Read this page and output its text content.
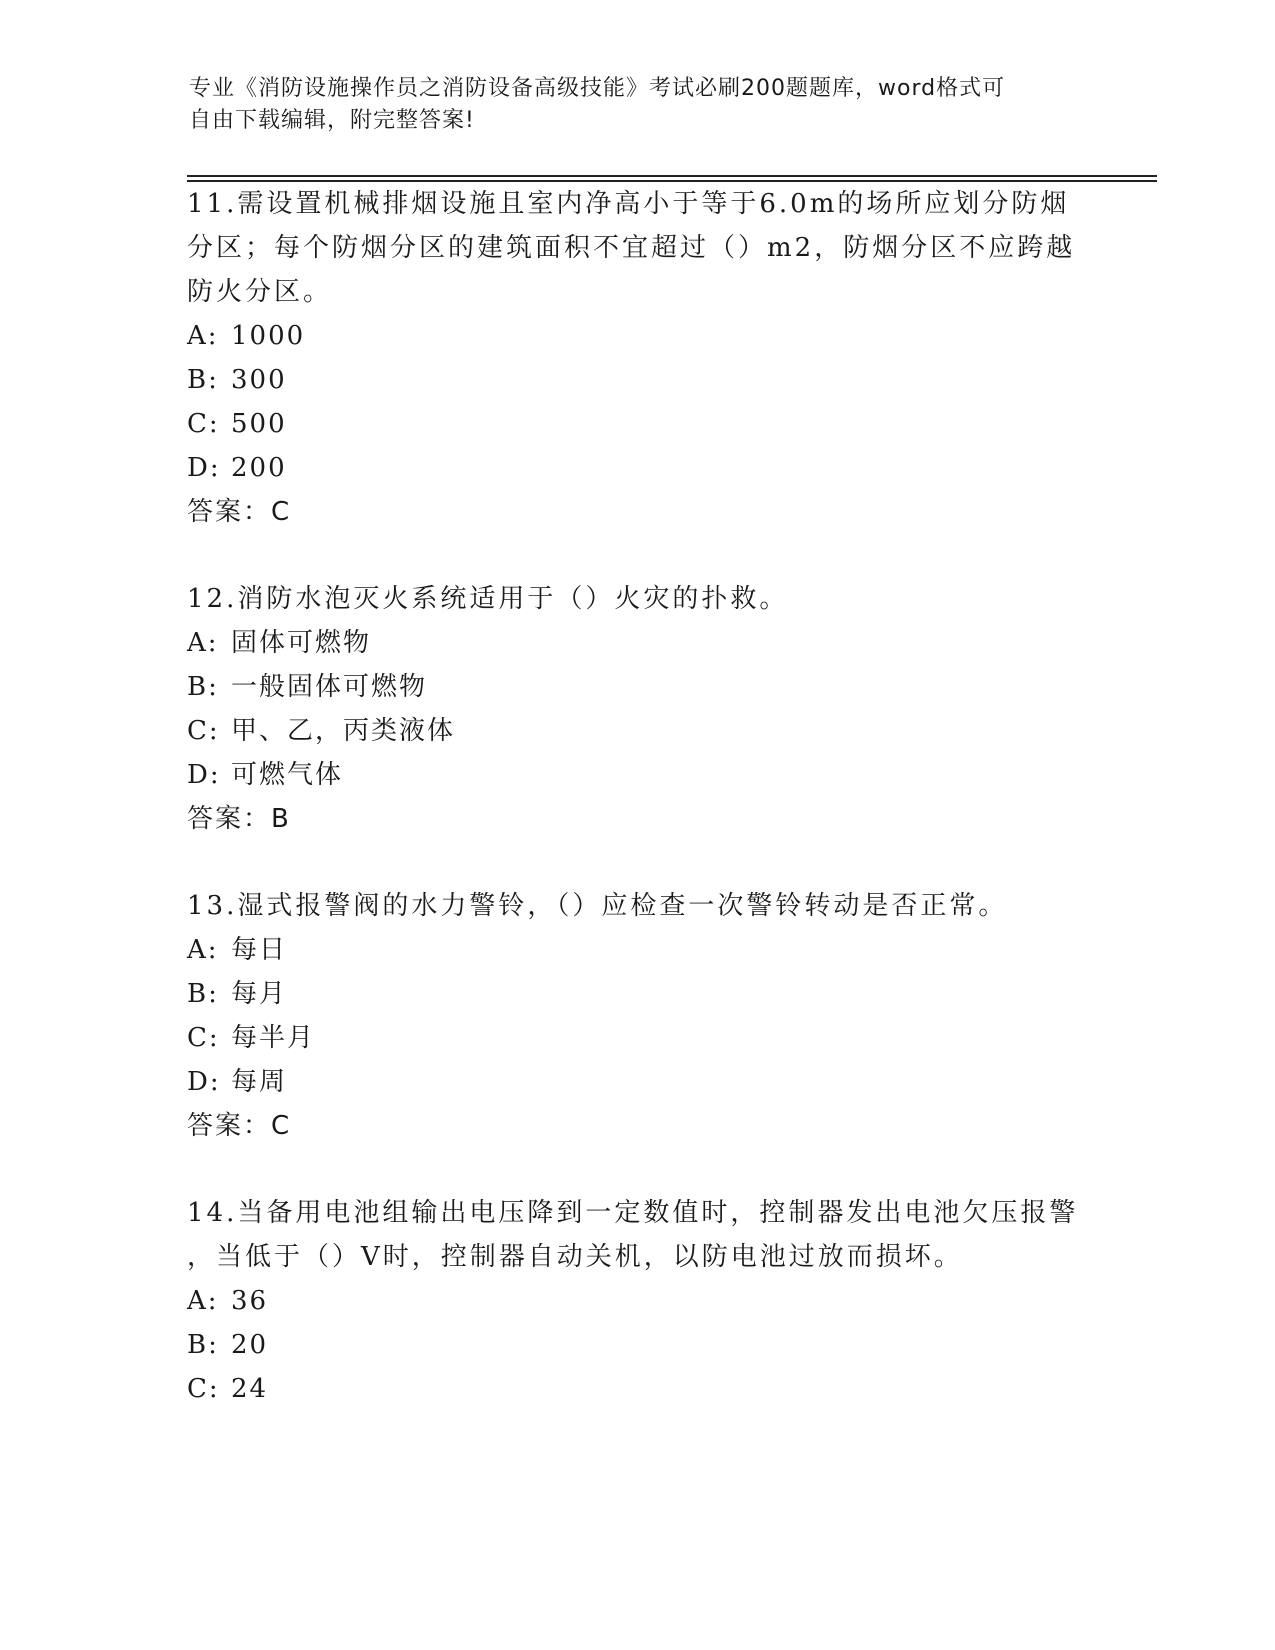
专业《消防设施操作员之消防设备高级技能》考试必刷200题题库，word格式可
自由下载编辑，附完整答案!
11.需设置机械排烟设施且室内净高小于等于6.0m的场所应划分防烟
分区；每个防烟分区的建筑面积不宜超过（）m2，防烟分区不应跨越
防火分区。
A: 1000
B: 300
C: 500
D: 200
答案：C
12.消防水泡灭火系统适用于（）火灾的扑救。
A: 固体可燃物
B: 一般固体可燃物
C: 甲、乙，丙类液体
D: 可燃气体
答案：B
13.湿式报警阀的水力警铃，（）应检查一次警铃转动是否正常。
A: 每日
B: 每月
C: 每半月
D: 每周
答案：C
14.当备用电池组输出电压降到一定数值时，控制器发出电池欠压报警
，当低于（）V时，控制器自动关机，以防电池过放而损坏。
A: 36
B: 20
C: 24
